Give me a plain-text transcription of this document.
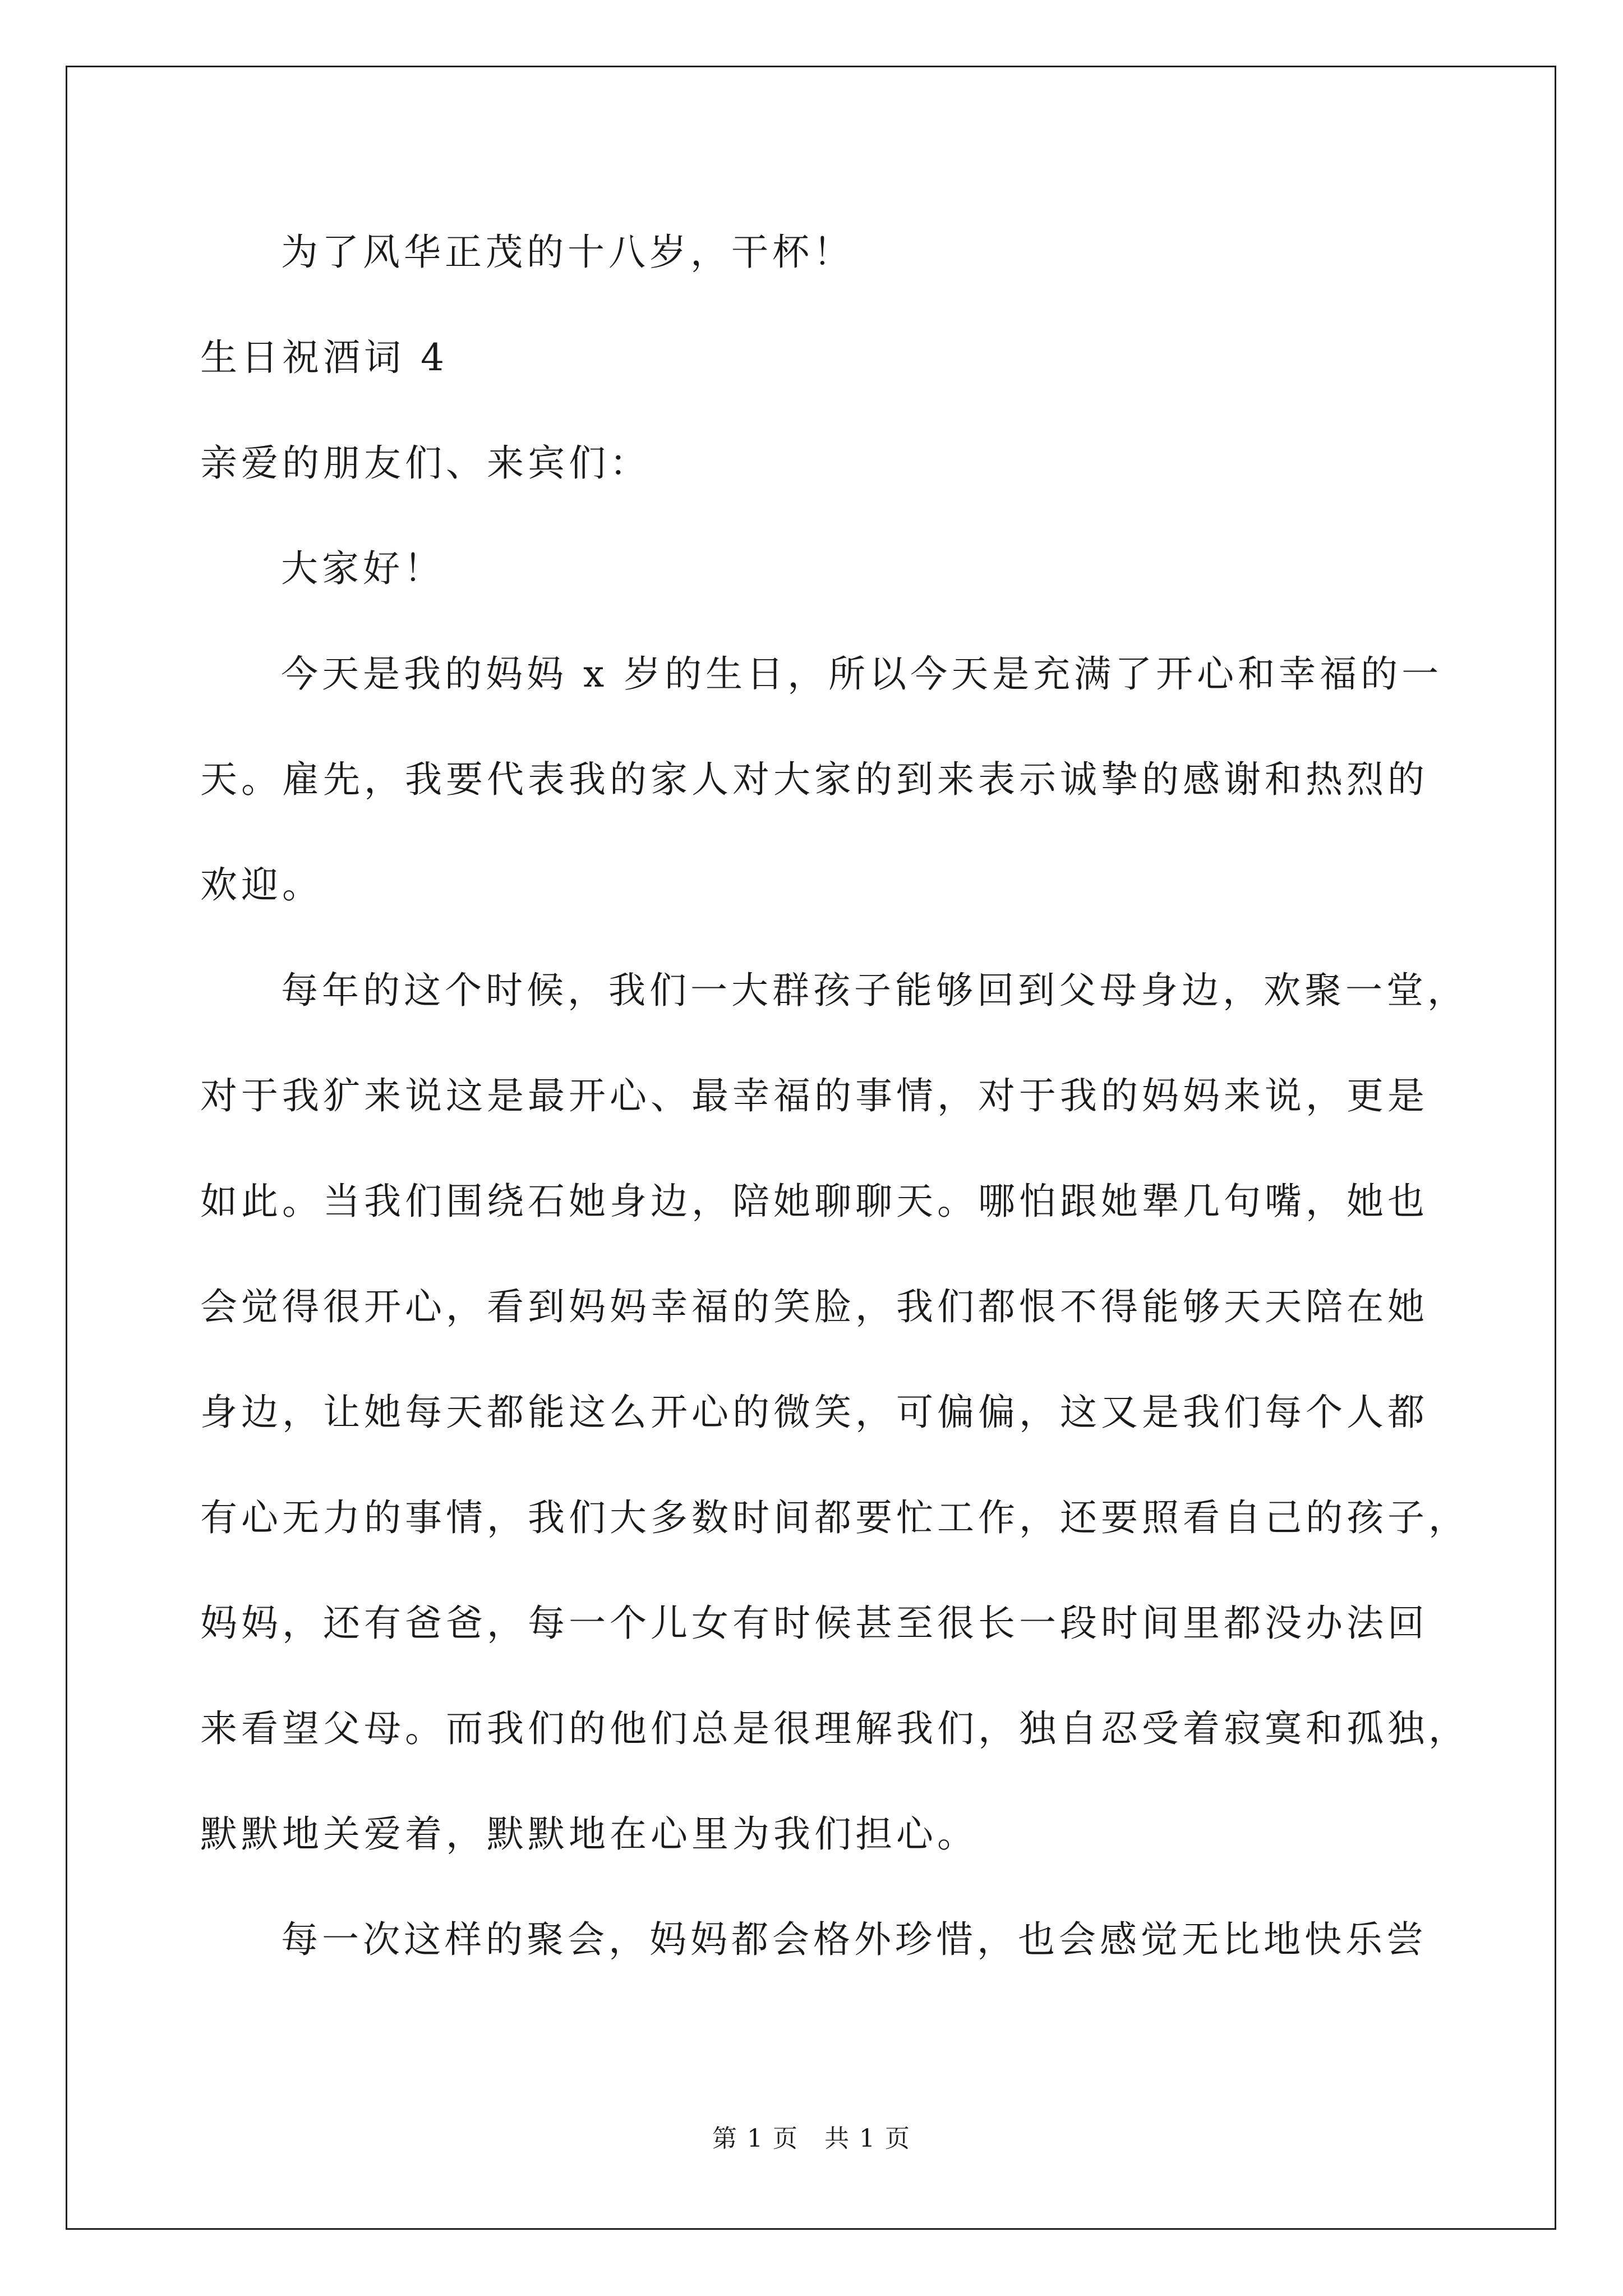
为了风华正茂的十八岁，干杯！
生日祝酒词 4
亲爱的朋友们、来宾们：
大家好！
今天是我的妈妈 x 岁的生日，所以今天是充满了开心和幸福的一
天。雇先，我要代表我的家人对大家的到来表示诚挚的感谢和热烈的
欢迎。
每年的这个时候，我们一大群孩子能够回到父母身边，欢聚一堂，
对于我犷来说这是最开心、最幸福的事情，对于我的妈妈来说，更是
如此。当我们围绕石她身边，陪她聊聊天。哪怕跟她犟几句嘴，她也
会觉得很开心，看到妈妈幸福的笑脸，我们都恨不得能够天天陪在她
身边，让她每天都能这么开心的微笑，可偏偏，这又是我们每个人都
有心无力的事情，我们大多数时间都要忙工作，还要照看自己的孩子，
妈妈，还有爸爸，每一个儿女有时候甚至很长一段时间里都没办法回
来看望父母。而我们的他们总是很理解我们，独自忍受着寂寞和孤独，
默默地关爱着，默默地在心里为我们担心。
每一次这样的聚会，妈妈都会格外珍惜，也会感觉无比地快乐尝
第 1 页　共 1 页
